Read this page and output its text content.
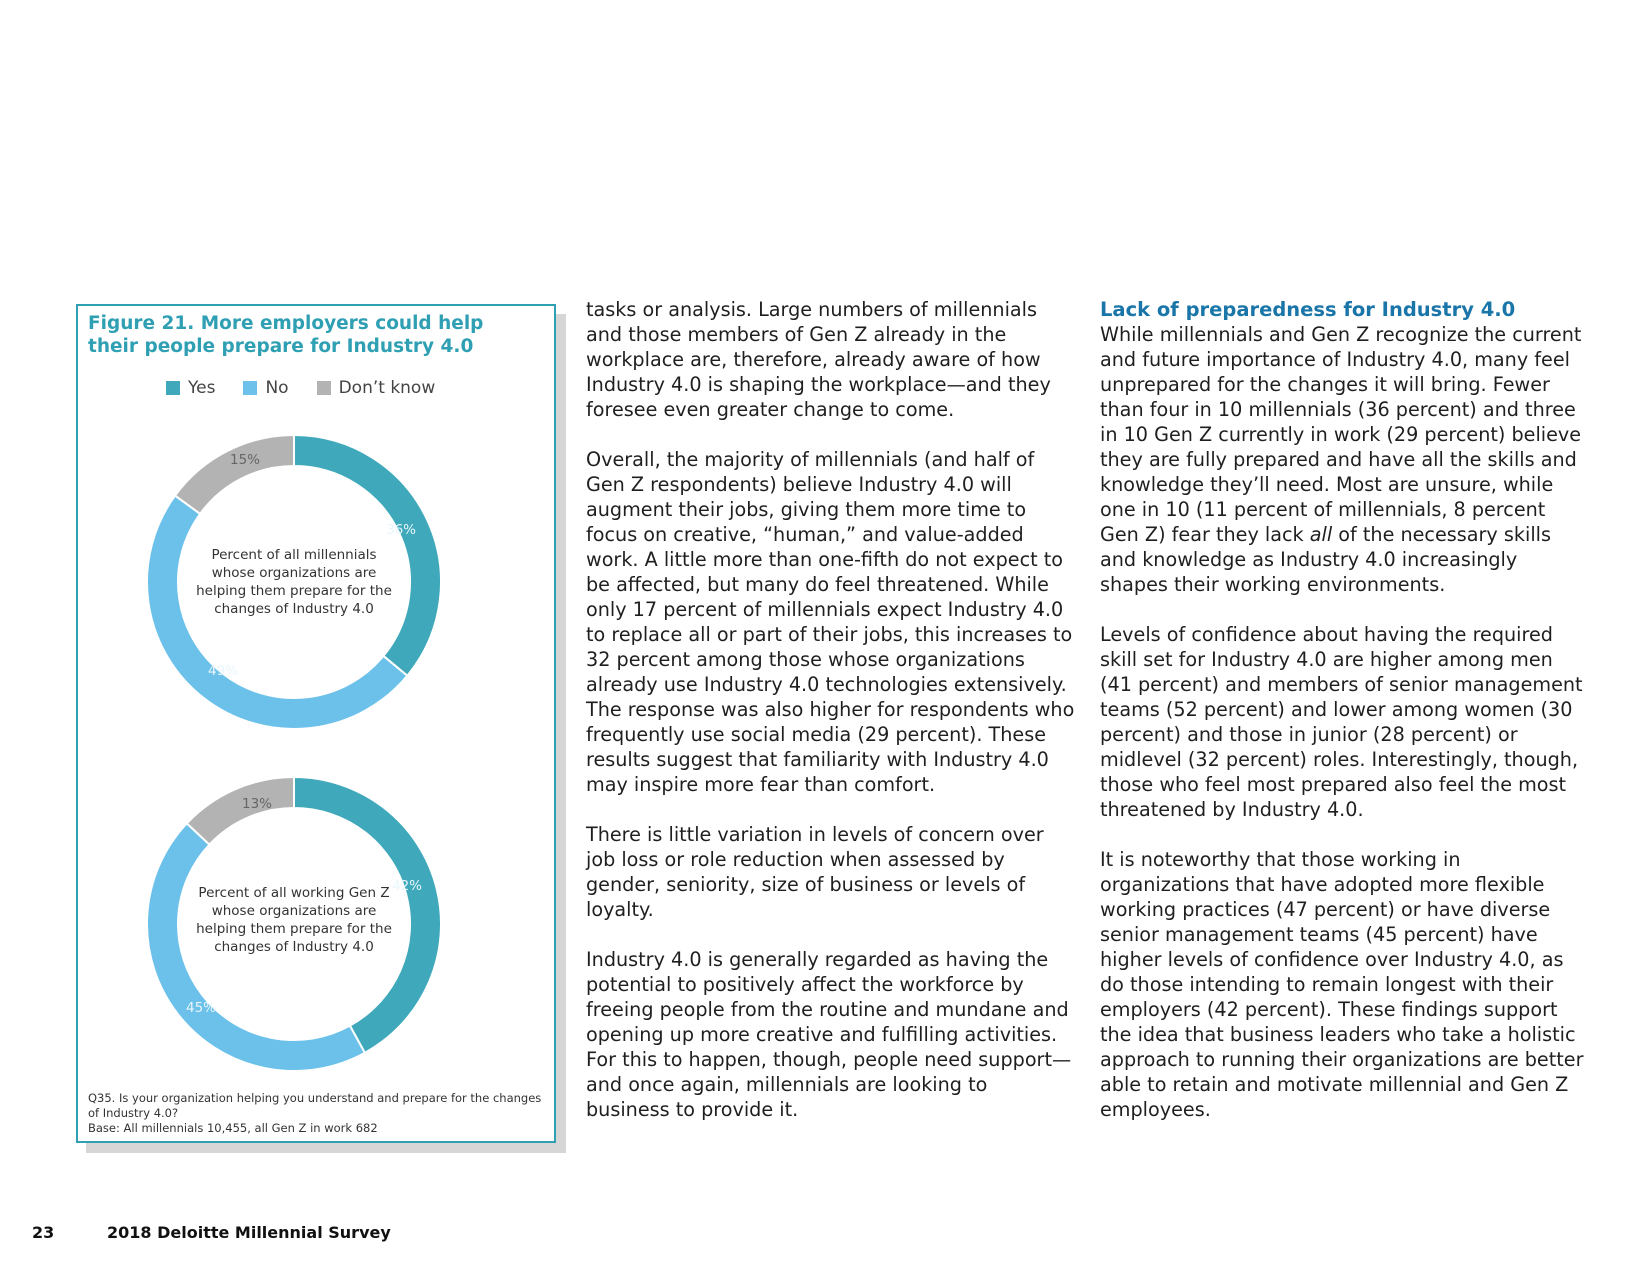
Figure 21. More employers could help their people prepare for Industry 4.0
Yes	No	Don’t know
Percent of all millennials whose organizations are helping them prepare for the changes of Industry 4.0
36%
49%
15%
Percent of all working Gen Z whose organizations are helping them prepare for the changes of Industry 4.0
42%
45%
13%
Q35. Is your organization helping you understand and prepare for the changes of Industry 4.0?
Base: All millennials 10,455, all Gen Z in work 682

tasks or analysis. Large numbers of millennials and those members of Gen Z already in the workplace are, therefore, already aware of how Industry 4.0 is shaping the workplace—and they foresee even greater change to come.

Overall, the majority of millennials (and half of Gen Z respondents) believe Industry 4.0 will augment their jobs, giving them more time to focus on creative, “human,” and value-added work. A little more than one-fifth do not expect to be affected, but many do feel threatened. While only 17 percent of millennials expect Industry 4.0 to replace all or part of their jobs, this increases to 32 percent among those whose organizations already use Industry 4.0 technologies extensively. The response was also higher for respondents who frequently use social media (29 percent). These results suggest that familiarity with Industry 4.0 may inspire more fear than comfort.

There is little variation in levels of concern over job loss or role reduction when assessed by gender, seniority, size of business or levels of loyalty.

Industry 4.0 is generally regarded as having the potential to positively affect the workforce by freeing people from the routine and mundane and opening up more creative and fulfilling activities. For this to happen, though, people need support—and once again, millennials are looking to business to provide it.

Lack of preparedness for Industry 4.0

While millennials and Gen Z recognize the current and future importance of Industry 4.0, many feel unprepared for the changes it will bring. Fewer than four in 10 millennials (36 percent) and three in 10 Gen Z currently in work (29 percent) believe they are fully prepared and have all the skills and knowledge they’ll need. Most are unsure, while one in 10 (11 percent of millennials, 8 percent Gen Z) fear they lack all of the necessary skills and knowledge as Industry 4.0 increasingly shapes their working environments.

Levels of confidence about having the required skill set for Industry 4.0 are higher among men (41 percent) and members of senior management teams (52 percent) and lower among women (30 percent) and those in junior (28 percent) or midlevel (32 percent) roles. Interestingly, though, those who feel most prepared also feel the most threatened by Industry 4.0.

It is noteworthy that those working in organizations that have adopted more flexible working practices (47 percent) or have diverse senior management teams (45 percent) have higher levels of confidence over Industry 4.0, as do those intending to remain longest with their employers (42 percent). These findings support the idea that business leaders who take a holistic approach to running their organizations are better able to retain and motivate millennial and Gen Z employees.

23	2018 Deloitte Millennial Survey
